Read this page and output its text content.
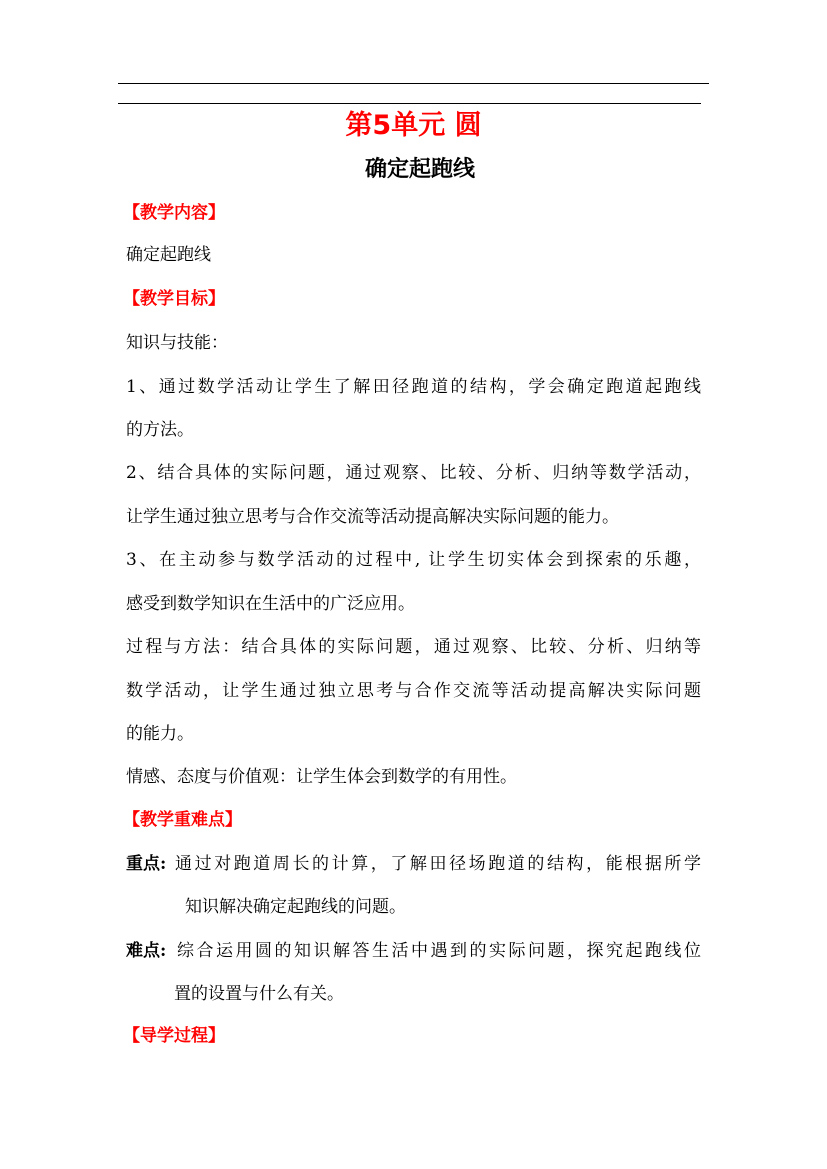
第5单元 圆
确定起跑线
【教学内容】
确定起跑线
【教学目标】
知识与技能：
1、通过数学活动让学生了解田径跑道的结构，学会确定跑道起跑线
的方法。
2、结合具体的实际问题，通过观察、比较、分析、归纳等数学活动，
让学生通过独立思考与合作交流等活动提高解决实际问题的能力。
3、在主动参与数学活动的过程中, 让学生切实体会到探索的乐趣，
感受到数学知识在生活中的广泛应用。
过程与方法：结合具体的实际问题，通过观察、比较、分析、归纳等
数学活动，让学生通过独立思考与合作交流等活动提高解决实际问题
的能力。
情感、态度与价值观：让学生体会到数学的有用性。
【教学重难点】
重点: 通过对跑道周长的计算，了解田径场跑道的结构，能根据所学
知识解决确定起跑线的问题。
难点: 综合运用圆的知识解答生活中遇到的实际问题，探究起跑线位
置的设置与什么有关。
【导学过程】
